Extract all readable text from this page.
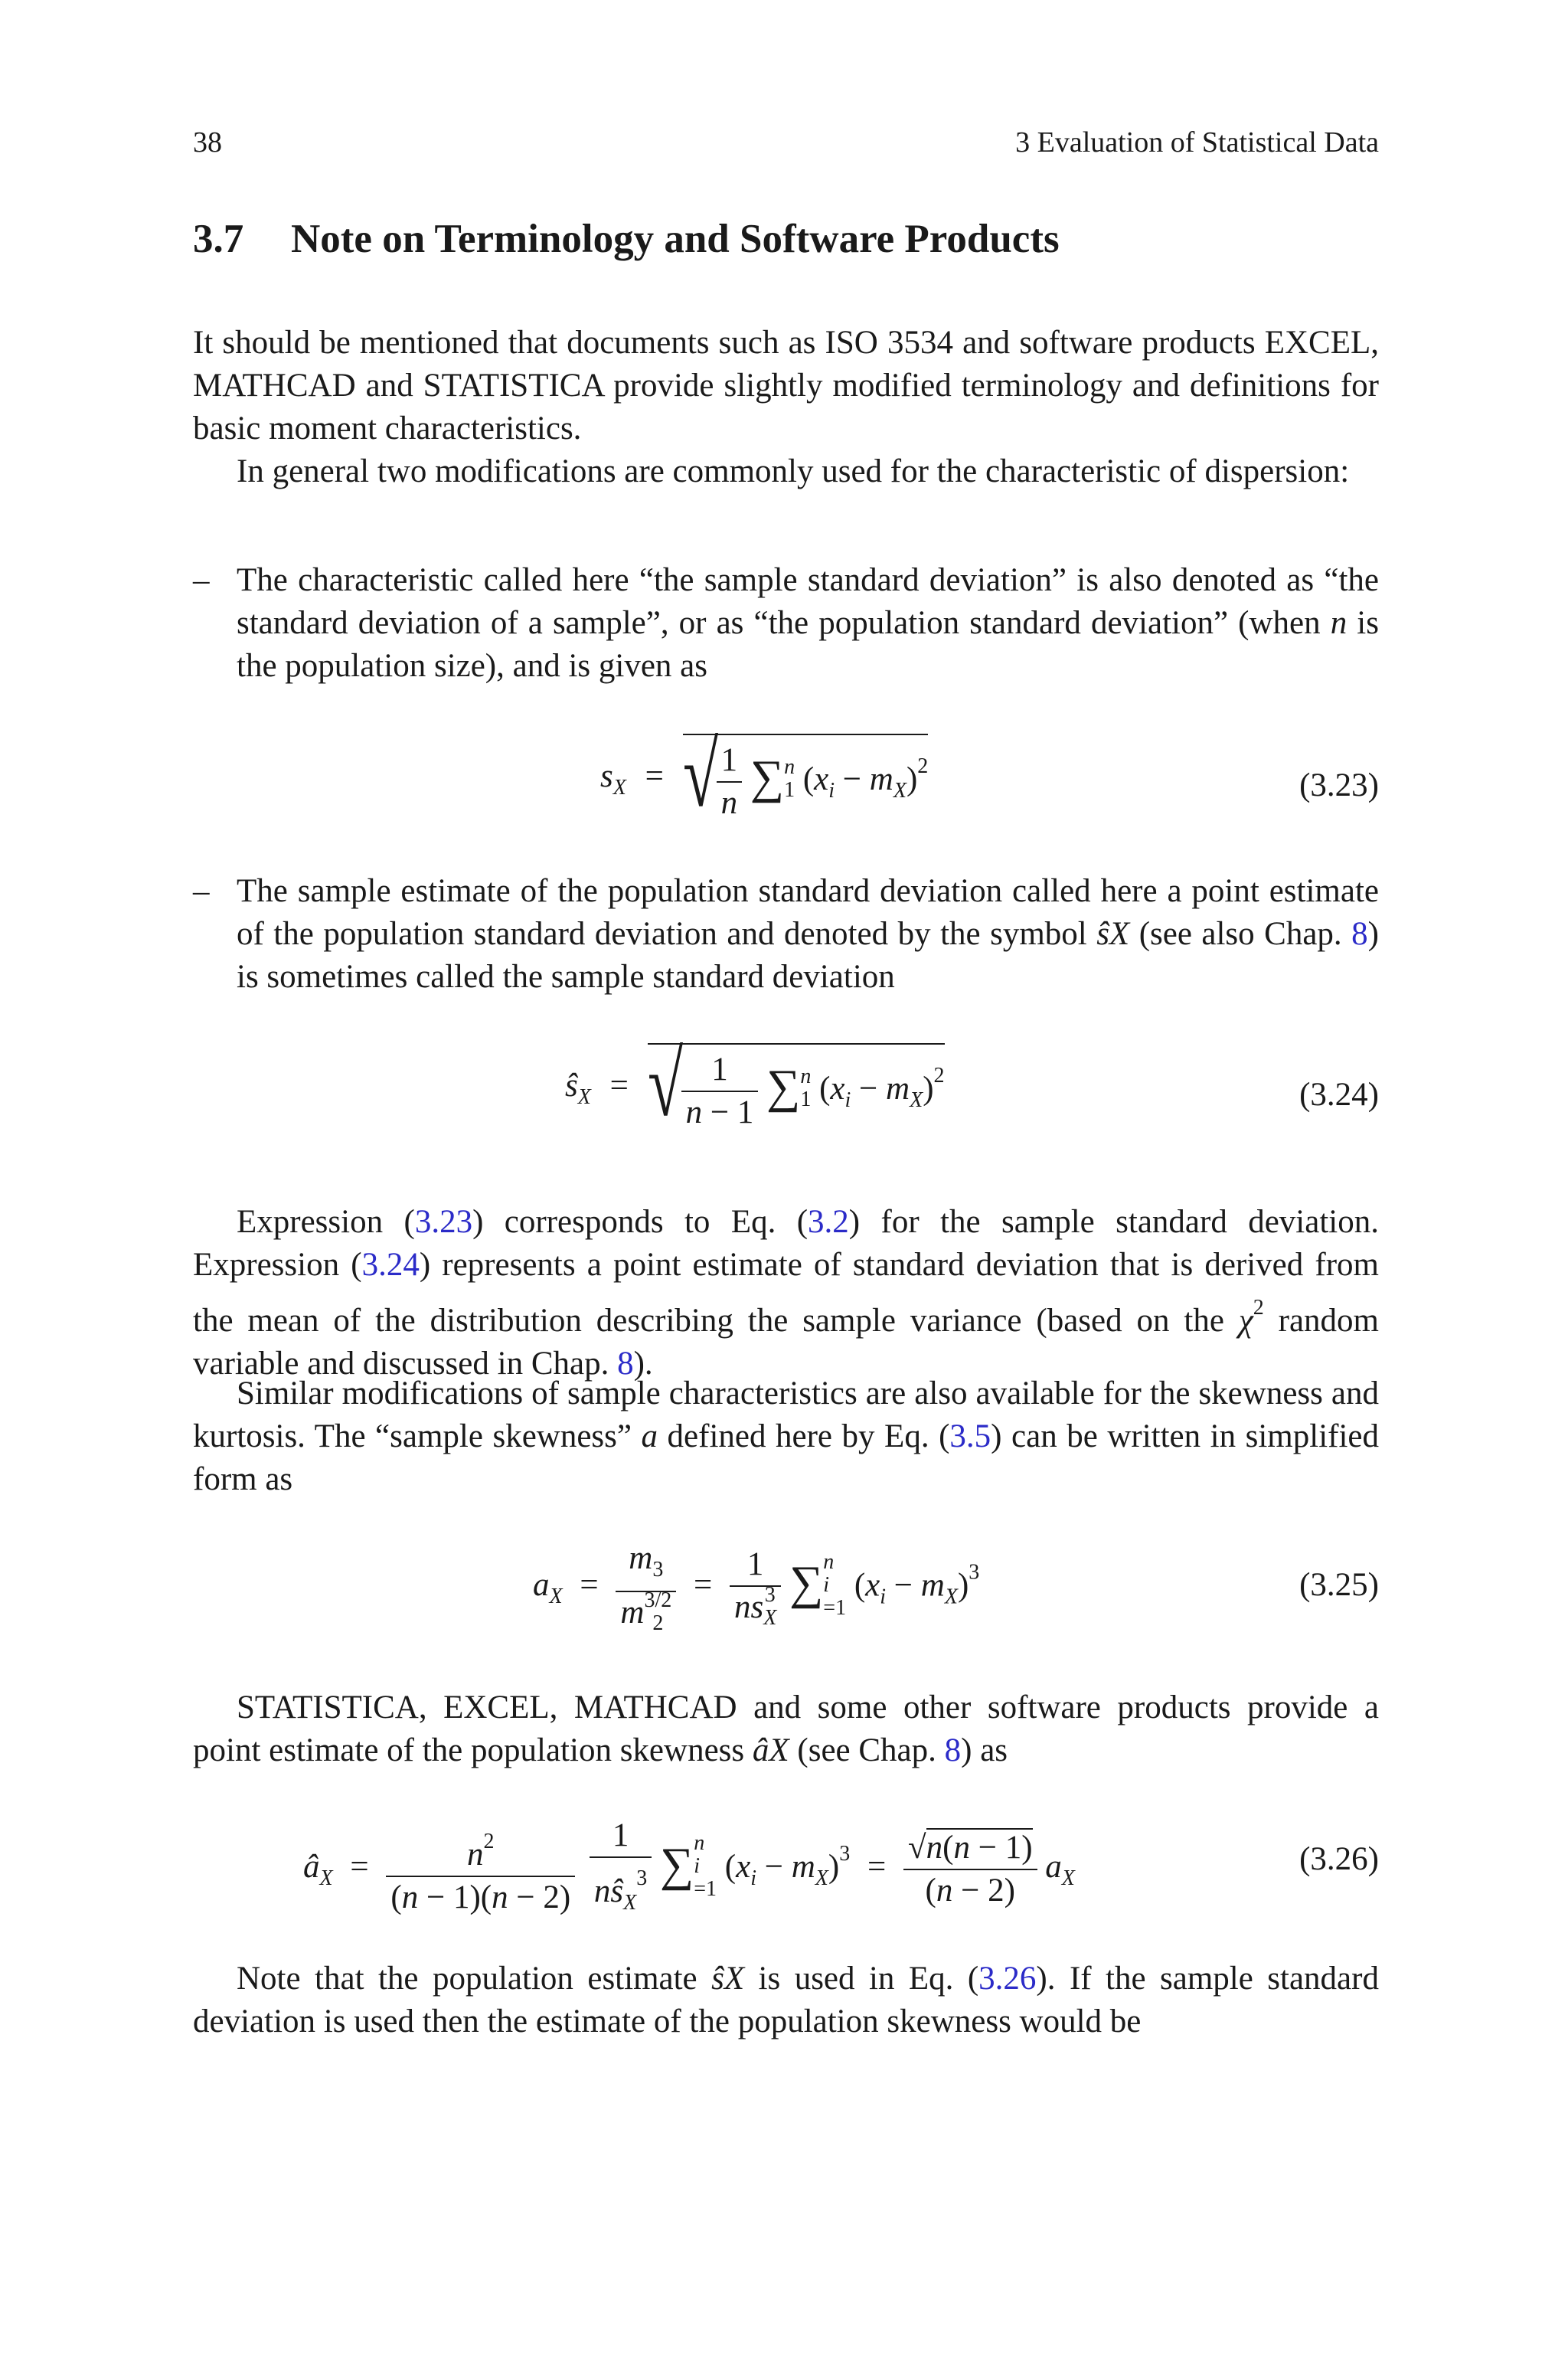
38	3 Evaluation of Statistical Data
3.7 Note on Terminology and Software Products
It should be mentioned that documents such as ISO 3534 and software products EXCEL, MATHCAD and STATISTICA provide slightly modified terminology and definitions for basic moment characteristics.
In general two modifications are commonly used for the characteristic of dispersion:
– The characteristic called here “the sample standard deviation” is also denoted as “the standard deviation of a sample”, or as “the population standard deviation” (when n is the population size), and is given as
$s_X$ = √
$\frac{1}{n}$ ∑ n
1 $(x_i - m_X)^2$
(3.23)
– The sample estimate of the population standard deviation called here a point estimate of the population standard deviation and denoted by the symbol ŝX (see also Chap. 8) is sometimes called the sample standard deviation
$ŝ_X$ = √
$\frac{1}{n - 1}$ ∑ n
1 $(x_i - m_X)^2$
(3.24)
Expression (3.23) corresponds to Eq. (3.2) for the sample standard deviation. Expression (3.24) represents a point estimate of standard deviation that is derived from the mean of the distribution describing the sample variance (based on the $\chi^2$ random variable and discussed in Chap. 8).
Similar modifications of sample characteristics are also available for the skewness and kurtosis. The “sample skewness” a defined here by Eq. (3.5) can be written in simplified form as
$a_X = m_3$
m 3/2
2 = 1
ns 3
X ∑ n
i
=1
$(x_i - m_X)^3$	(3.25)
STATISTICA, EXCEL, MATHCAD and some other software products provide a point estimate of the population skewness âX (see Chap. 8) as
$â_X = \frac{n^2}{(n - 1)(n - 2)}$
$\frac{1}{nŝ_X^3}$ ∑ n
i
=1
$(x_i - m_X)^3 = \frac{√n(n - 1)}{(n - 2)} a_X$
(3.26)
Note that the population estimate ŝX is used in Eq. (3.26). If the sample standard deviation is used then the estimate of the population skewness would be
